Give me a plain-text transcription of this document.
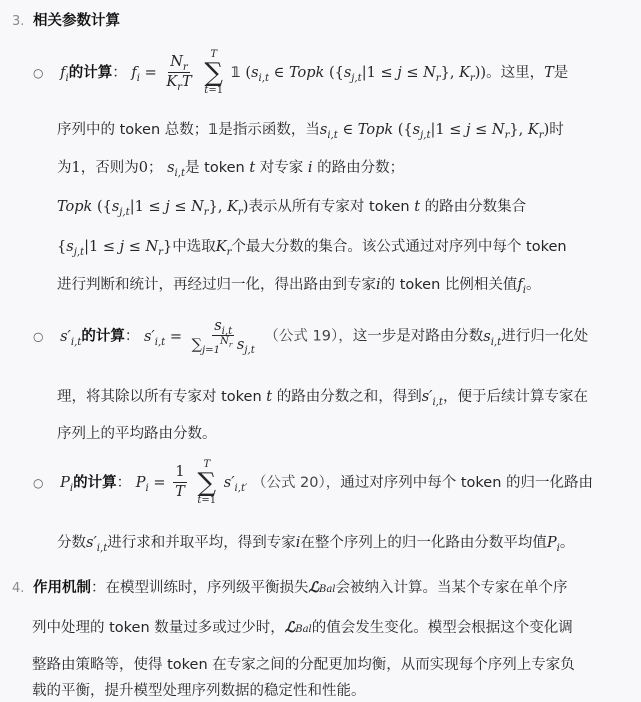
3. 相关参数计算
○ $f_i$的计算： $f_i = \frac{N_r}{K_rT}$
T
∑
t=1
𝟙 ($s_{i,t}$ ∈ Topk ($\{s_{j,t}|1 \le j \le N_r\}$, $K_r$))。这里，T是
序列中的 token 总数；𝟙是指示函数，当$s_{i,t}$ ∈ Topk ($\{s_{j,t}|1 \le j \le N_r\}$, $K_r$)时
为1，否则为0； $s_{i,t}$是 token t 对专家 i 的路由分数；
Topk ($\{s_{j,t}|1 \le j \le N_r\}$, $K_r$)表示从所有专家对 token t 的路由分数集合
$\{s_{j,t}|1 \le j \le N_r\}$中选取$K_r$个最大分数的集合。该公式通过对序列中每个 token
进行判断和统计，再经过归一化，得出路由到专家i的 token 比例相关值$f_i$。
○ $s'_{i,t}$的计算： $s'_{i,t} = \frac{s_{i,t}}{\sum_{j=1}^{N_r} s_{j,t}}$ （公式 19），这一步是对路由分数$s_{i,t}$进行归一化处
理，将其除以所有专家对 token t 的路由分数之和，得到$s'_{i,t}$，便于后续计算专家在
序列上的平均路由分数。
○ $P_i$的计算： $P_i = \frac{1}{T}$
T
∑
t=1
$s'_{i,t'}$ （公式 20），通过对序列中每个 token 的归一化路由
分数$s'_{i,t}$进行求和并取平均，得到专家i在整个序列上的归一化路由分数平均值$P_i$。
4. 作用机制：在模型训练时，序列级平衡损失ℒBal会被纳入计算。当某个专家在单个序
列中处理的 token 数量过多或过少时，ℒBal的值会发生变化。模型会根据这个变化调
整路由策略等，使得 token 在专家之间的分配更加均衡，从而实现每个序列上专家负
载的平衡，提升模型处理序列数据的稳定性和性能。
